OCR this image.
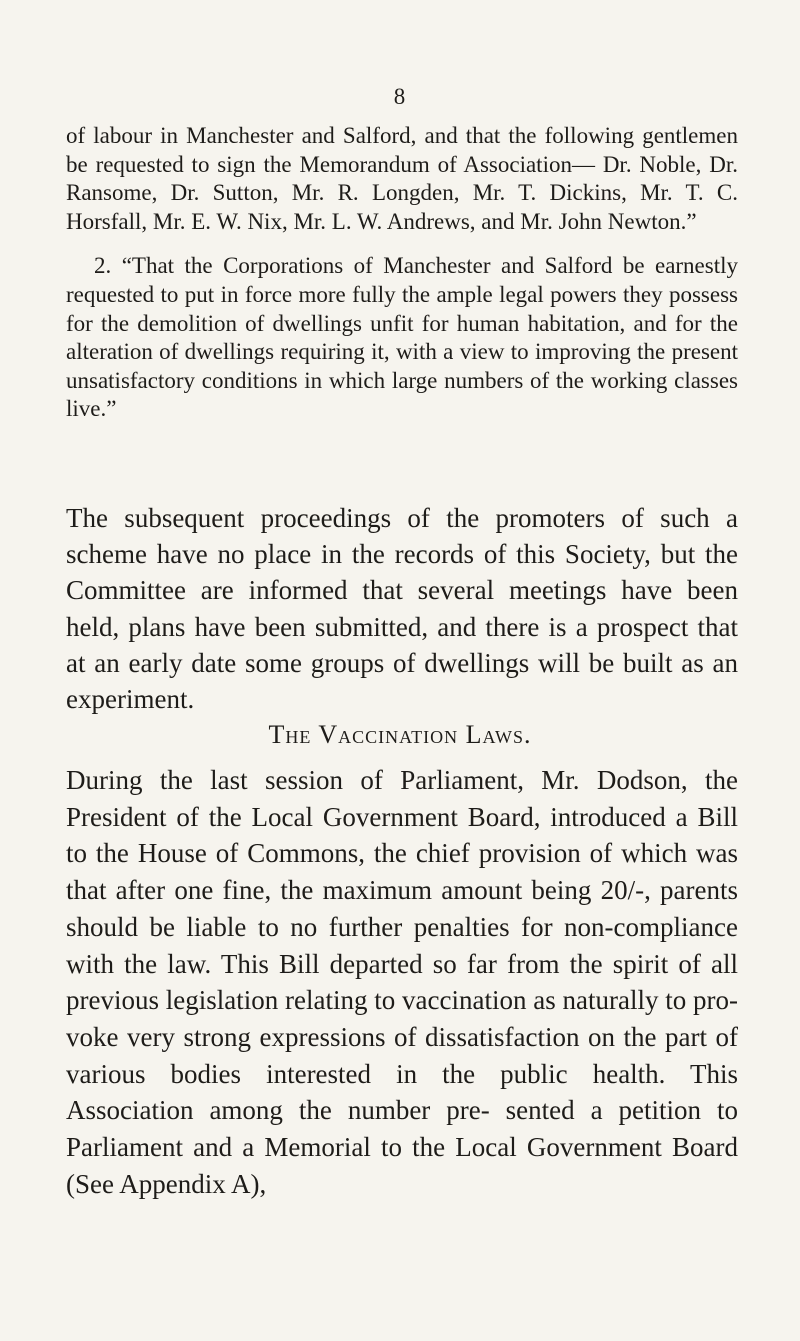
8

of labour in Manchester and Salford, and that the following gentlemen be requested to sign the Memorandum of Association— Dr. Noble, Dr. Ransome, Dr. Sutton, Mr. R. Longden, Mr. T. Dickins, Mr. T. C. Horsfall, Mr. E. W. Nix, Mr. L. W. Andrews, and Mr. John Newton.”

2. “That the Corporations of Manchester and Salford be earnestly requested to put in force more fully the ample legal powers they possess for the demolition of dwellings unfit for human habitation, and for the alteration of dwellings requiring it, with a view to improving the present unsatisfactory conditions in which large numbers of the working classes live.”

The subsequent proceedings of the promoters of such a scheme have no place in the records of this Society, but the Committee are informed that several meetings have been held, plans have been submitted, and there is a prospect that at an early date some groups of dwellings will be built as an experiment.

The Vaccination Laws.

During the last session of Parliament, Mr. Dodson, the President of the Local Government Board, introduced a Bill to the House of Commons, the chief provision of which was that after one fine, the maximum amount being 20/-, parents should be liable to no further penalties for non-compliance with the law. This Bill departed so far from the spirit of all previous legislation relating to vaccination as naturally to pro- voke very strong expressions of dissatisfaction on the part of various bodies interested in the public health. This Association among the number pre- sented a petition to Parliament and a Memorial to the Local Government Board (See Appendix A),
